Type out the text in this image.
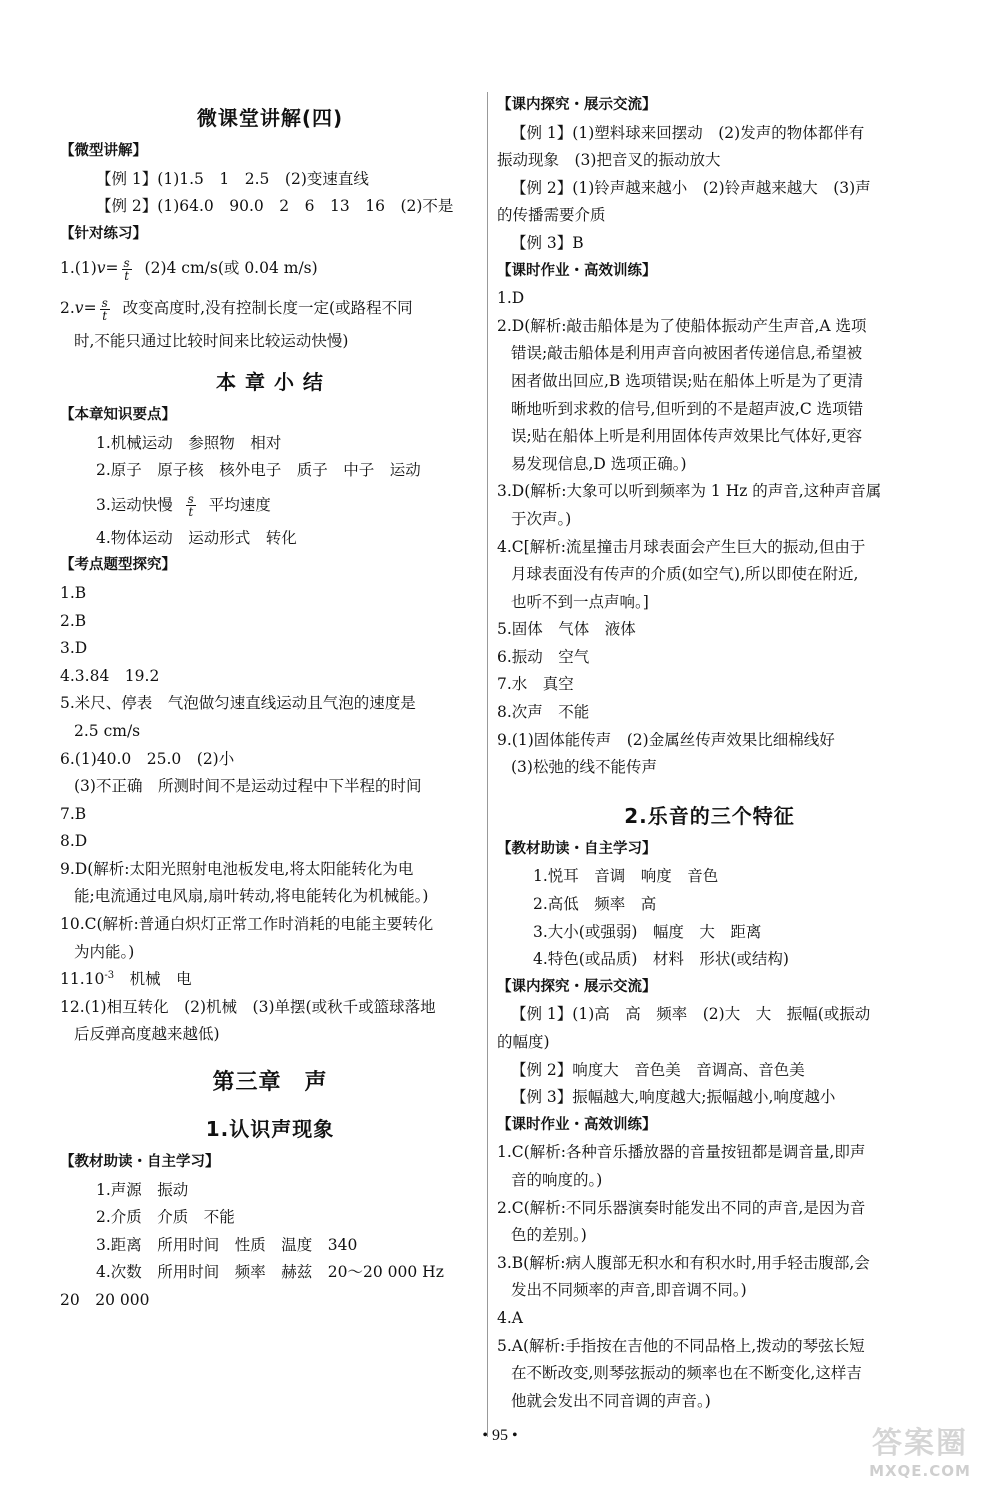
微课堂讲解(四)
【微型讲解】
【例 1】(1)1.5　1　2.5　(2)变速直线
【例 2】(1)64.0　90.0　2　6　13　16　(2)不是
【针对练习】
$1.(1)v= \frac{s}{t} (2)4$ cm/s(或 0.04 m/s)
$2.v= \frac{s}{t}$ 改变高度时,没有控制长度一定(或路程不同
时,不能只通过比较时间来比较运动快慢)
本 章 小 结
【本章知识要点】
1.机械运动　参照物　相对
2.原子　原子核　核外电子　质子　中子　运动
3.运动快慢 $\frac{s}{t}$ 平均速度
4.物体运动　运动形式　转化
【考点题型探究】
1.B
2.B
3.D
4.3.84　19.2
5.米尺、停表　气泡做匀速直线运动且气泡的速度是
2.5 cm/s
6.(1)40.0　25.0　(2)小
(3)不正确　所测时间不是运动过程中下半程的时间
7.B
8.D
9.D(解析:太阳光照射电池板发电,将太阳能转化为电
能;电流通过电风扇,扇叶转动,将电能转化为机械能。)
10.C(解析:普通白炽灯正常工作时消耗的电能主要转化
为内能。)
$11.10^{-3}$　机械　电
12.(1)相互转化　(2)机械　(3)单摆(或秋千或篮球落地
后反弹高度越来越低)
第三章　声
1.认识声现象
【教材助读・自主学习】
1.声源　振动
2.介质　介质　不能
3.距离　所用时间　性质　温度　340
4.次数　所用时间　频率　赫兹　20～20 000 Hz
20　20 000
【课内探究・展示交流】
【例 1】(1)塑料球来回摆动　(2)发声的物体都伴有
振动现象　(3)把音叉的振动放大
【例 2】(1)铃声越来越小　(2)铃声越来越大　(3)声
的传播需要介质
【例 3】B
【课时作业・高效训练】
1.D
2.D(解析:敲击船体是为了使船体振动产生声音,A 选项
错误;敲击船体是利用声音向被困者传递信息,希望被
困者做出回应,B 选项错误;贴在船体上听是为了更清
晰地听到求救的信号,但听到的不是超声波,C 选项错
误;贴在船体上听是利用固体传声效果比气体好,更容
易发现信息,D 选项正确。)
3.D(解析:大象可以听到频率为 1 Hz 的声音,这种声音属
于次声。)
4.C[解析:流星撞击月球表面会产生巨大的振动,但由于
月球表面没有传声的介质(如空气),所以即使在附近,
也听不到一点声响。]
5.固体　气体　液体
6.振动　空气
7.水　真空
8.次声　不能
9.(1)固体能传声　(2)金属丝传声效果比细棉线好
(3)松弛的线不能传声
2.乐音的三个特征
【教材助读・自主学习】
1.悦耳　音调　响度　音色
2.高低　频率　高
3.大小(或强弱)　幅度　大　距离
4.特色(或品质)　材料　形状(或结构)
【课内探究・展示交流】
【例 1】(1)高　高　频率　(2)大　大　振幅(或振动
的幅度)
【例 2】响度大　音色美　音调高、音色美
【例 3】振幅越大,响度越大;振幅越小,响度越小
【课时作业・高效训练】
1.C(解析:各种音乐播放器的音量按钮都是调音量,即声
音的响度的。)
2.C(解析:不同乐器演奏时能发出不同的声音,是因为音
色的差别。)
3.B(解析:病人腹部无积水和有积水时,用手轻击腹部,会
发出不同频率的声音,即音调不同。)
4.A
5.A(解析:手指按在吉他的不同品格上,拨动的琴弦长短
在不断改变,则琴弦振动的频率也在不断变化,这样吉
他就会发出不同音调的声音。)
• 95 •	答案圈
MXQE.COM
